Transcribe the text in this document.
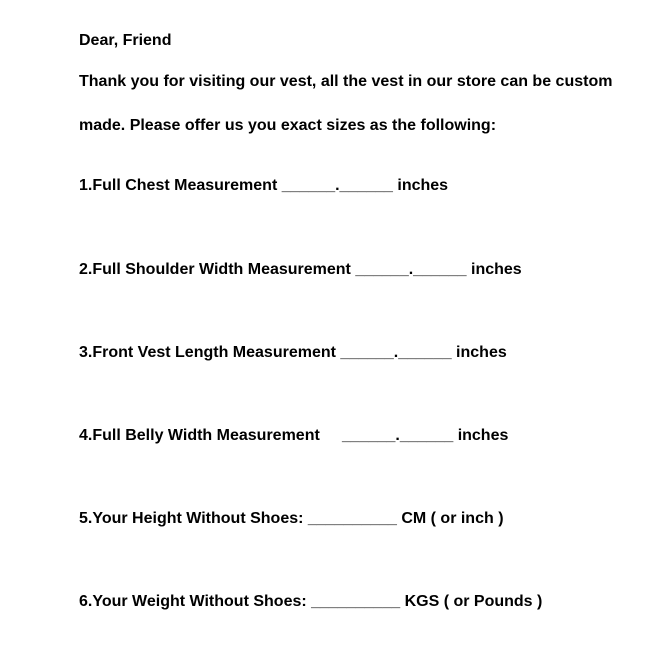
Dear, Friend
Thank you for visiting our vest, all the vest in our store can be custom
made. Please offer us you exact sizes as the following:
1.Full Chest Measurement ______.______ inches
2.Full Shoulder Width Measurement ______.______ inches
3.Front Vest Length Measurement ______.______ inches
4.Full Belly Width Measurement     ______.______ inches
5.Your Height Without Shoes: __________ CM ( or inch )
6.Your Weight Without Shoes: __________ KGS ( or Pounds )
